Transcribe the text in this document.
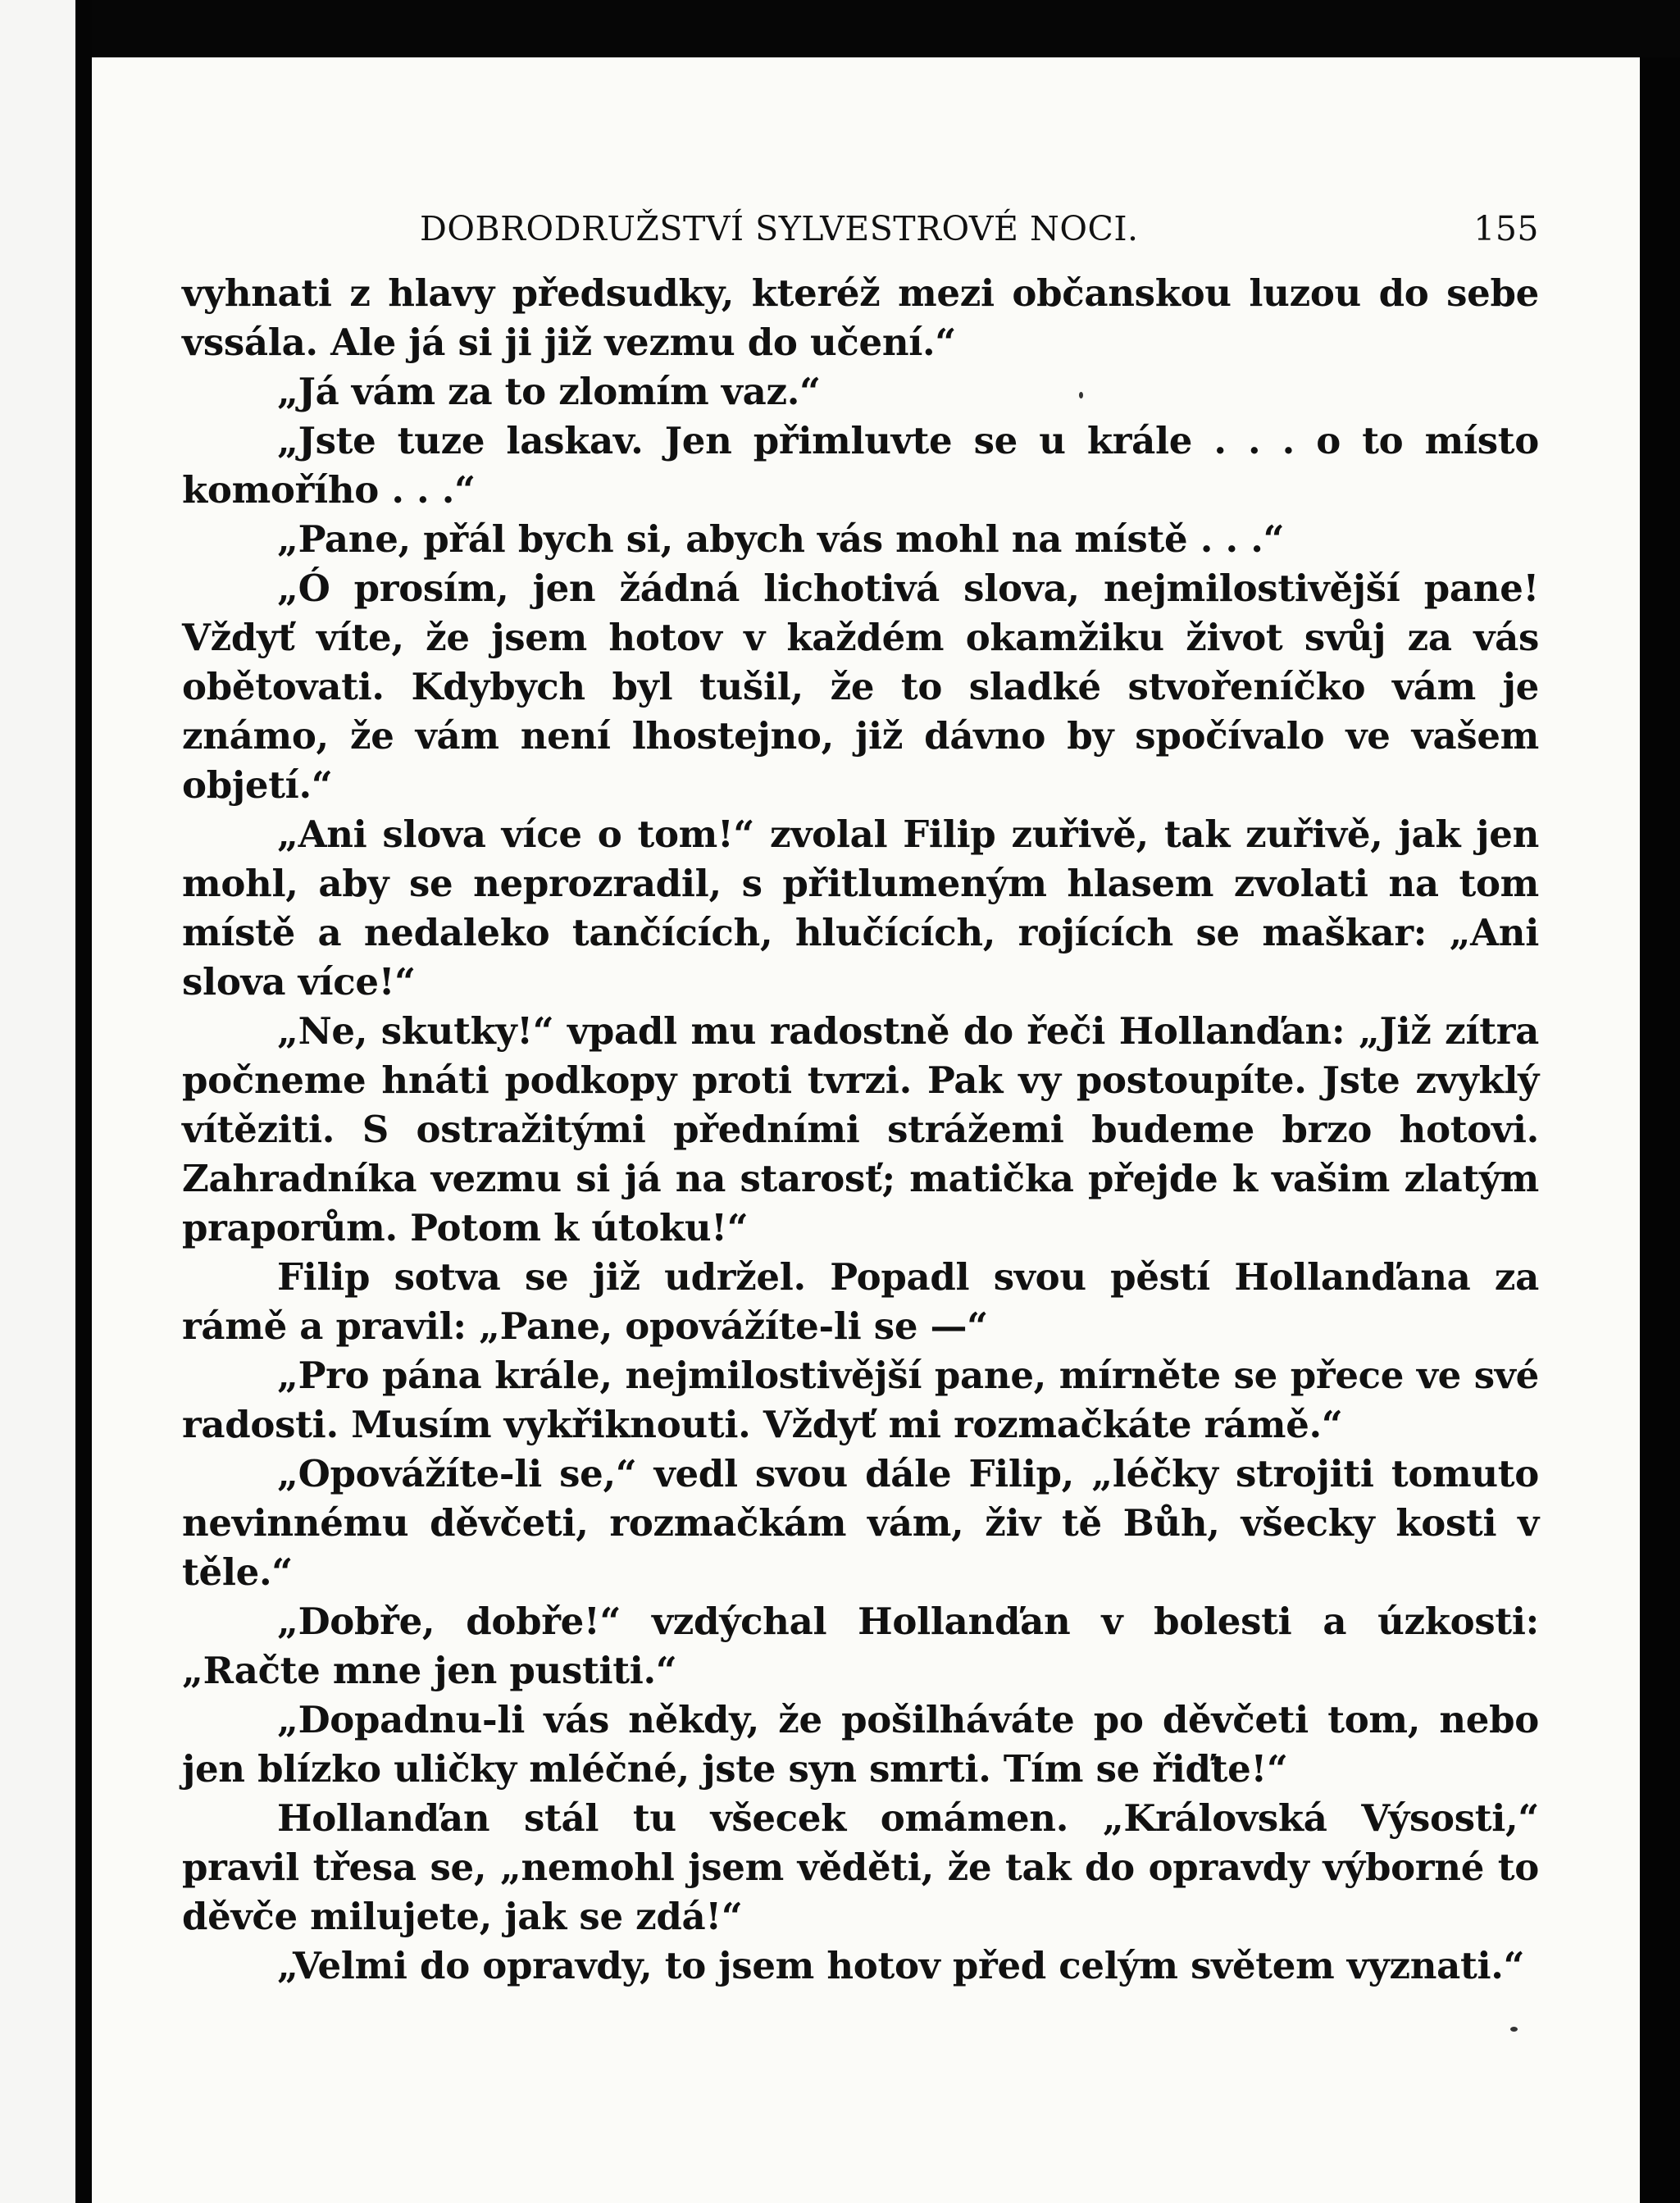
DOBRODRUŽSTVÍ SYLVESTROVÉ NOCI.	155

vyhnati z hlavy předsudky, kteréž mezi občanskou luzou do sebe vssála. Ale já si ji již vezmu do učení.“

„Já vám za to zlomím vaz.“

„Jste tuze laskav. Jen přimluvte se u krále . . . o to místo komořího . . .“

„Pane, přál bych si, abych vás mohl na místě . . .“

„Ó prosím, jen žádná lichotivá slova, nejmilostivější pane! Vždyť víte, že jsem hotov v každém okamžiku život svůj za vás obětovati. Kdybych byl tušil, že to sladké stvořeníčko vám je známo, že vám není lhostejno, již dávno by spočívalo ve vašem objetí.“

„Ani slova více o tom!“ zvolal Filip zuřivě, tak zuřivě, jak jen mohl, aby se neprozradil, s přitlumeným hlasem zvolati na tom místě a nedaleko tančících, hlučících, rojících se maškar: „Ani slova více!“

„Ne, skutky!“ vpadl mu radostně do řeči Hollanďan: „Již zítra počneme hnáti podkopy proti tvrzi. Pak vy postoupíte. Jste zvyklý vítěziti. S ostražitými předními strážemi budeme brzo hotovi. Zahradníka vezmu si já na starosť; matička přejde k vašim zlatým praporům. Potom k útoku!“

Filip sotva se již udržel. Popadl svou pěstí Hollanďana za rámě a pravil: „Pane, opovážíte-li se —“

„Pro pána krále, nejmilostivější pane, mírněte se přece ve své radosti. Musím vykřiknouti. Vždyť mi rozmačkáte rámě.“

„Opovážíte-li se,“ vedl svou dále Filip, „léčky strojiti tomuto nevinnému děvčeti, rozmačkám vám, živ tě Bůh, všecky kosti v těle.“

„Dobře, dobře!“ vzdýchal Hollanďan v bolesti a úzkosti: „Račte mne jen pustiti.“

„Dopadnu-li vás někdy, že pošilháváte po děvčeti tom, nebo jen blízko uličky mléčné, jste syn smrti. Tím se řiďte!“

Hollanďan stál tu všecek omámen. „Královská Výsosti,“ pravil třesa se, „nemohl jsem věděti, že tak do opravdy výborné to děvče milujete, jak se zdá!“

„Velmi do opravdy, to jsem hotov před celým světem vyznati.“
